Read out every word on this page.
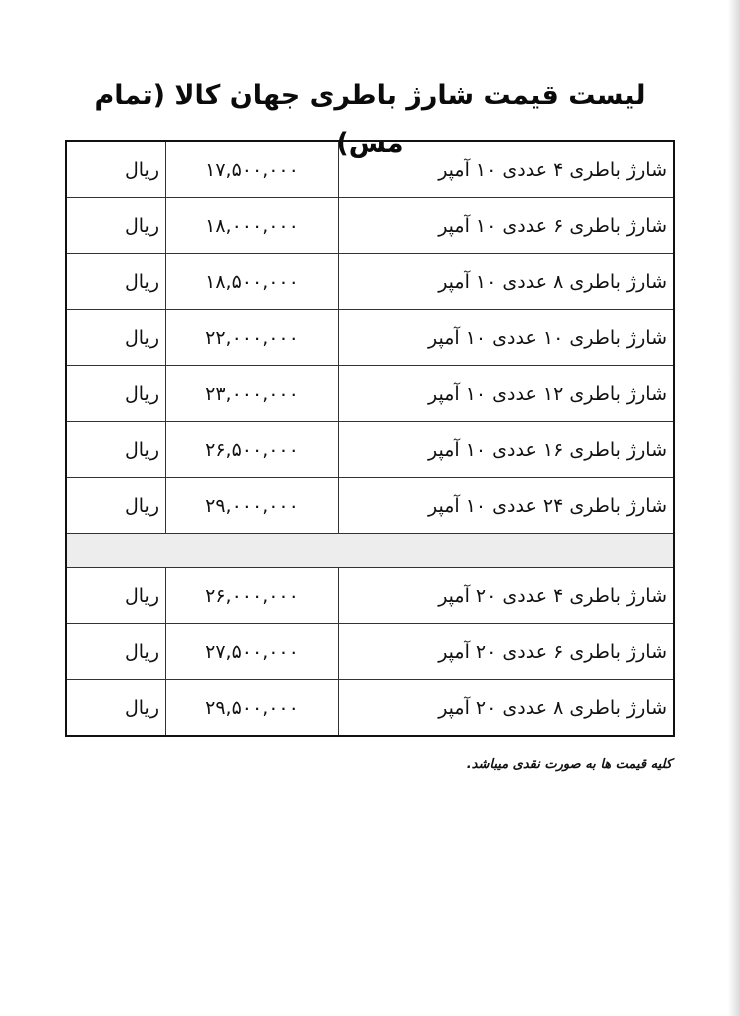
لیست قیمت شارژ باطری جهان کالا (تمام مس)
ریال	۱۷,۵۰۰,۰۰۰	شارژ باطری ۴ عددی ۱۰ آمپر
ریال	۱۸,۰۰۰,۰۰۰	شارژ باطری ۶ عددی ۱۰ آمپر
ریال	۱۸,۵۰۰,۰۰۰	شارژ باطری ۸ عددی ۱۰ آمپر
ریال	۲۲,۰۰۰,۰۰۰	شارژ باطری ۱۰ عددی ۱۰ آمپر
ریال	۲۳,۰۰۰,۰۰۰	شارژ باطری ۱۲ عددی ۱۰ آمپر
ریال	۲۶,۵۰۰,۰۰۰	شارژ باطری ۱۶ عددی ۱۰ آمپر
ریال	۲۹,۰۰۰,۰۰۰	شارژ باطری ۲۴ عددی ۱۰ آمپر

ریال	۲۶,۰۰۰,۰۰۰	شارژ باطری ۴ عددی ۲۰ آمپر
ریال	۲۷,۵۰۰,۰۰۰	شارژ باطری ۶ عددی ۲۰ آمپر
ریال	۲۹,۵۰۰,۰۰۰	شارژ باطری ۸ عددی ۲۰ آمپر

کلیه قیمت ها به صورت نقدی میباشد.
